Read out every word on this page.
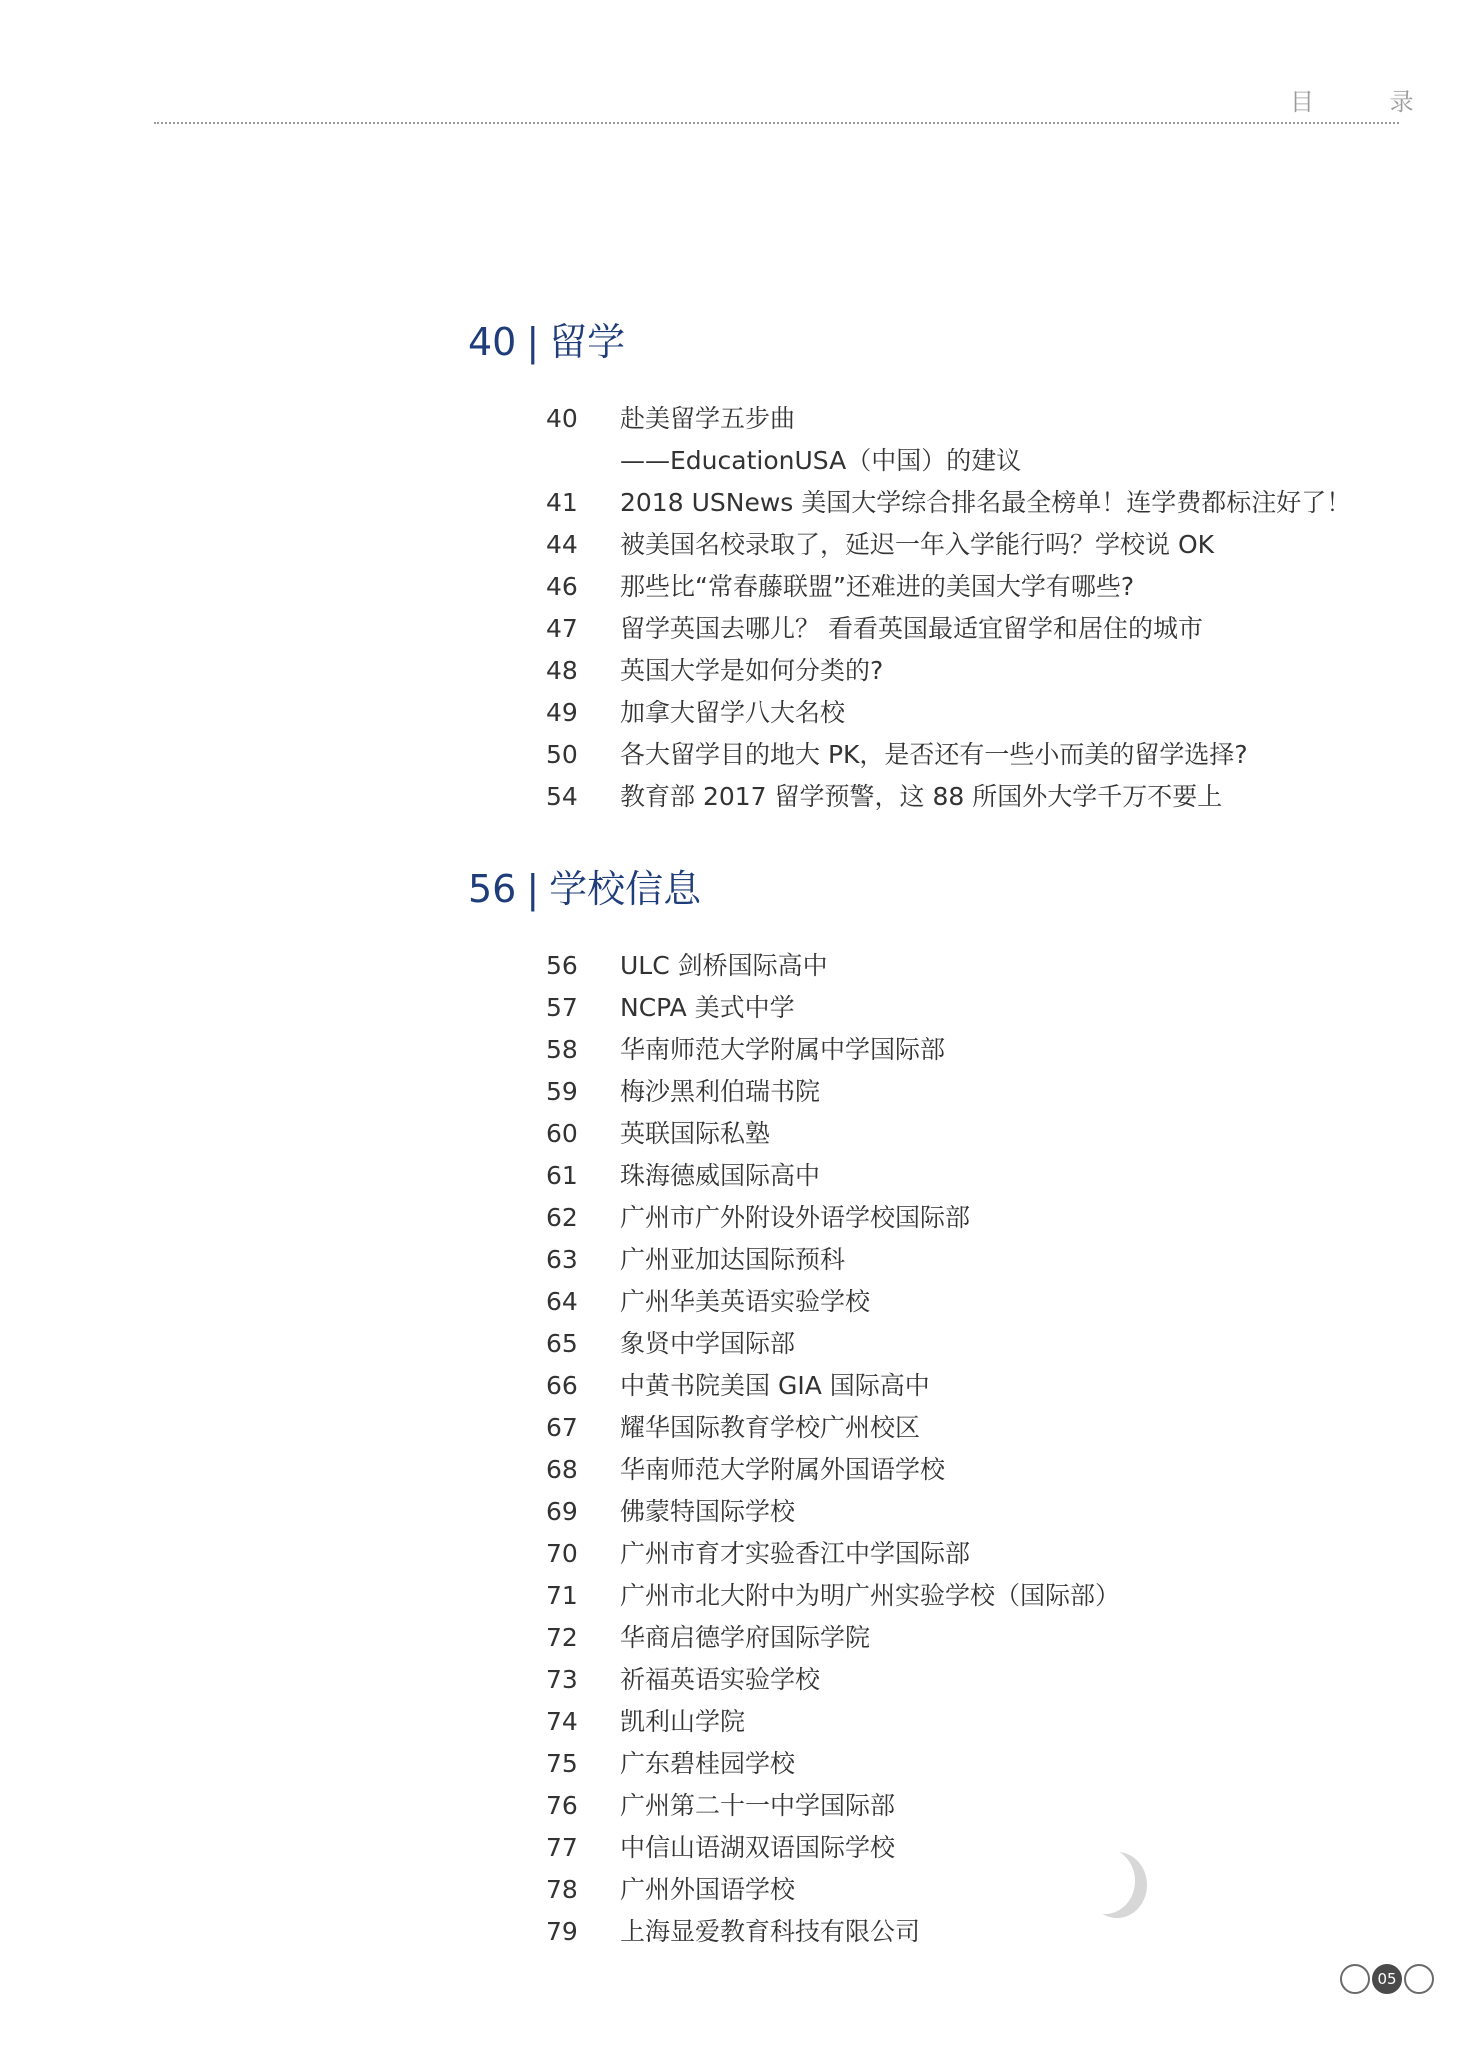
目 录
40 | 留学
40	赴美留学五步曲
——EducationUSA（中国）的建议
41	2018 USNews 美国大学综合排名最全榜单！连学费都标注好了！
44	被美国名校录取了，延迟一年入学能行吗？学校说 OK
46	那些比“常春藤联盟”还难进的美国大学有哪些?
47	留学英国去哪儿？ 看看英国最适宜留学和居住的城市
48	英国大学是如何分类的?
49	加拿大留学八大名校
50	各大留学目的地大 PK，是否还有一些小而美的留学选择?
54	教育部 2017 留学预警，这 88 所国外大学千万不要上
56 | 学校信息
56	ULC 剑桥国际高中
57	NCPA 美式中学
58	华南师范大学附属中学国际部
59	梅沙黑利伯瑞书院
60	英联国际私塾
61	珠海德威国际高中
62	广州市广外附设外语学校国际部
63	广州亚加达国际预科
64	广州华美英语实验学校
65	象贤中学国际部
66	中黄书院美国 GIA 国际高中
67	耀华国际教育学校广州校区
68	华南师范大学附属外国语学校
69	佛蒙特国际学校
70	广州市育才实验香江中学国际部
71	广州市北大附中为明广州实验学校（国际部）
72	华商启德学府国际学院
73	祈福英语实验学校
74	凯利山学院
75	广东碧桂园学校
76	广州第二十一中学国际部
77	中信山语湖双语国际学校
78	广州外国语学校
79	上海显爱教育科技有限公司
05
